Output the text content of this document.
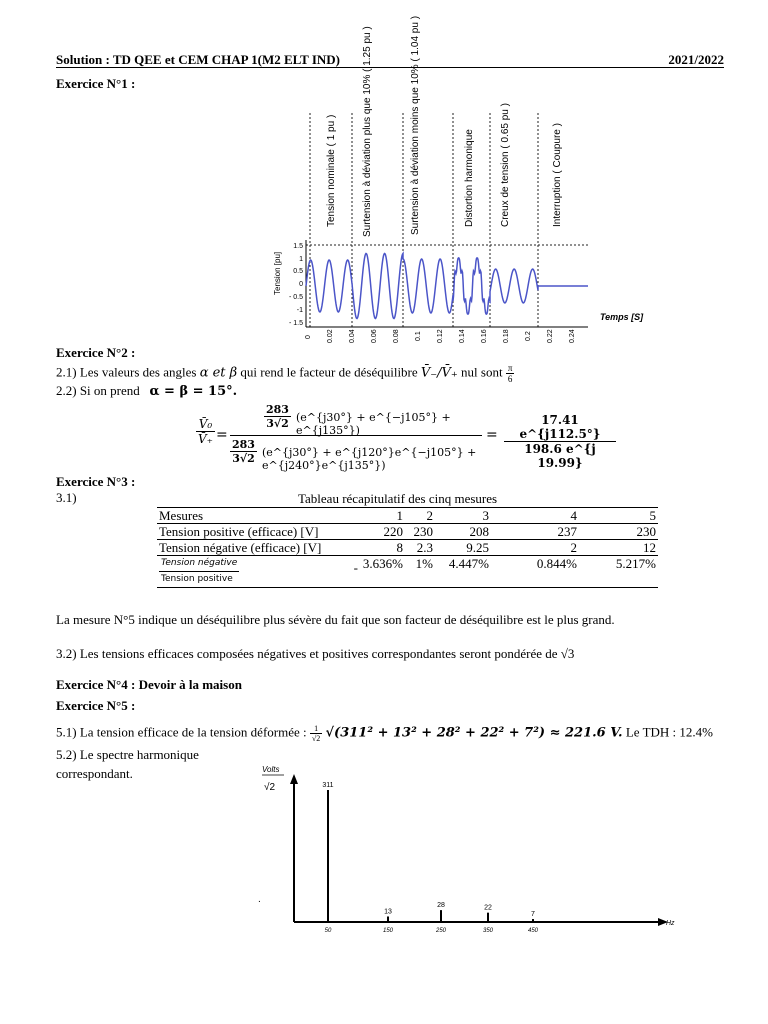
Solution : TD QEE et CEM CHAP 1(M2 ELT IND)	2021/2022
Exercice N°1 :
Tension nominale ( 1 pu )	Surtension à déviation plus que 10% ( 1.25 pu )	Surtension à déviation moins que 10% ( 1.04 pu )	Distortion harmonique	Creux de tension ( 0.65 pu )	Interruption ( Coupure )
1.5
1
0.5
0
- 0.5
-1
- 1.5
Tension [pu]
0 0.02 0.04 0.06 0.08 0.1 0.12 0.14 0.16 0.18 0.2 0.22 0.24
Temps [S]
Exercice N°2 :
2.1) Les valeurs des angles α et β qui rend le facteur de déséquilibre V̄₋/V̄₊ nul sont $\frac{\pi}{6}$
2.2) Si on prend α = β = 15°.
$\frac{\text{V̄₀}}{V̄_+}$ =
$\frac{283}{3√2}$ (e^{j30°} + e^{−j105°} + e^{j135°})
$\frac{283}{3√2}$ (e^{j30°} + e^{j120°}e^{−j105°} + e^{j240°}e^{j135°})
= $\frac{17.41 e\^{}\{j112.5^\circ\}}{198.6 e\^{}\{j 19.99\}}$
Exercice N°3 :
3.1)	Tableau récapitulatif des cinq mesures
Mesures	1	2	3	4	5
Tension positive (efficace) [V]	220	230	208	237	230
Tension négative (efficace) [V]	8	2.3	9.25	2	12

$\frac{\text{Tension négative}}{\text{Tension positive}}$ -	3.636%	1%	4.447%	0.844%	5.217%
La mesure N°5 indique un déséquilibre plus sévère du fait que son facteur de déséquilibre est le plus grand.
3.2) Les tensions efficaces composées négatives et positives correspondantes seront pondérée de √3
Exercice N°4 : Devoir à la maison
Exercice N°5 :
5.1) La tension efficace de la tension déformée : $\frac{1}{√2} √(311^2 + 13^2 + 28^2 + 22^2 + 7^2) \approx 221.6$ V. Le TDH : 12.4%
5.2) Le spectre harmonique
correspondant.	Volts
√2
Hz
.
311
50
13
150
28
250
22
350
7
450
